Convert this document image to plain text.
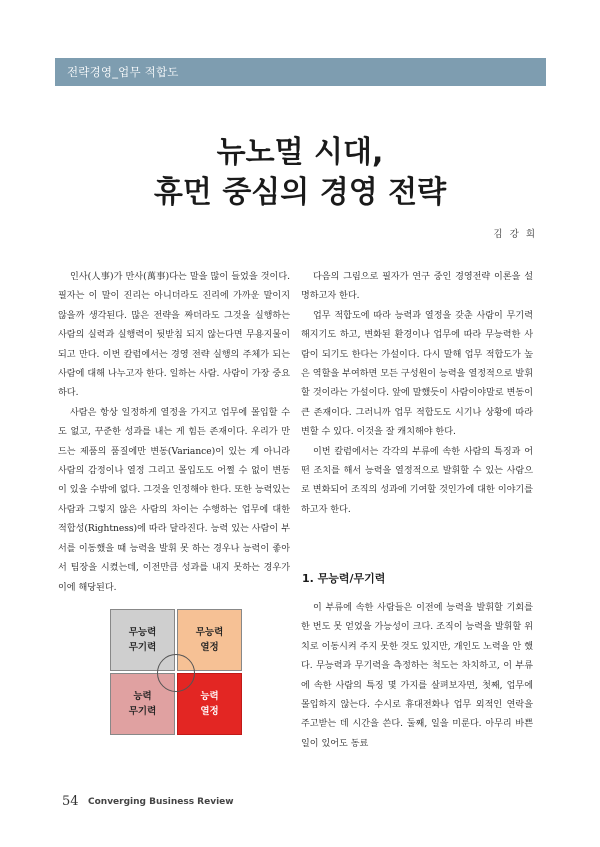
전략경영_업무 적합도
뉴노멀 시대,
휴먼 중심의 경영 전략
김 강 희

인사(人事)가 만사(萬事)다는 말을 많이 들었을 것이다. 필자는 이 말이 진리는 아니더라도 진리에 가까운 말이지 않을까 생각된다. 많은 전략을 짜더라도 그것을 실행하는 사람의 실력과 실행력이 뒷받침 되지 않는다면 무용지물이 되고 만다. 이번 칼럼에서는 경영 전략 실행의 주체가 되는 사람에 대해 나누고자 한다. 일하는 사람. 사람이 가장 중요하다.

사람은 항상 일정하게 열정을 가지고 업무에 몰입할 수도 없고, 꾸준한 성과를 내는 게 힘든 존재이다. 우리가 만드는 제품의 품질에만 변동(Variance)이 있는 게 아니라 사람의 감정이나 열정 그리고 몰입도도 어쩔 수 없이 변동이 있을 수밖에 없다. 그것을 인정해야 한다. 또한 능력있는 사람과 그렇지 않은 사람의 차이는 수행하는 업무에 대한 적합성(Rightness)에 따라 달라진다. 능력 있는 사람이 부서를 이동했을 때 능력을 발휘 못 하는 경우나 능력이 좋아서 팀장을 시켰는데, 이전만큼 성과를 내지 못하는 경우가 이에 해당된다.

다음의 그림으로 필자가 연구 중인 경영전략 이론을 설명하고자 한다.

업무 적합도에 따라 능력과 열정을 갖춘 사람이 무기력해지기도 하고, 변화된 환경이나 업무에 따라 무능력한 사람이 되기도 한다는 가설이다. 다시 말해 업무 적합도가 높은 역할을 부여하면 모든 구성원이 능력을 열정적으로 발휘할 것이라는 가설이다. 앞에 말했듯이 사람이야말로 변동이 큰 존재이다. 그러니까 업무 적합도도 시기나 상황에 따라 변할 수 있다. 이것을 잘 캐치해야 한다.

이번 칼럼에서는 각각의 부류에 속한 사람의 특징과 어떤 조치를 해서 능력을 열정적으로 발휘할 수 있는 사람으로 변화되어 조직의 성과에 기여할 것인가에 대한 이야기를 하고자 한다.

1. 무능력/무기력

이 부류에 속한 사람들은 이전에 능력을 발휘할 기회를 한 번도 못 얻었을 가능성이 크다. 조직이 능력을 발휘할 위치로 이동시켜 주지 못한 것도 있지만, 개인도 노력을 안 했다. 무능력과 무기력을 측정하는 척도는 차치하고, 이 부류에 속한 사람의 특징 몇 가지를 살펴보자면, 첫째, 업무에 몰입하지 않는다. 수시로 휴대전화나 업무 외적인 연락을 주고받는 데 시간을 쓴다. 둘째, 일을 미룬다. 아무리 바쁜 일이 있어도 동료

무능력
무기력
무능력
열정
능력
무기력
능력
열정
54 Converging Business Review
